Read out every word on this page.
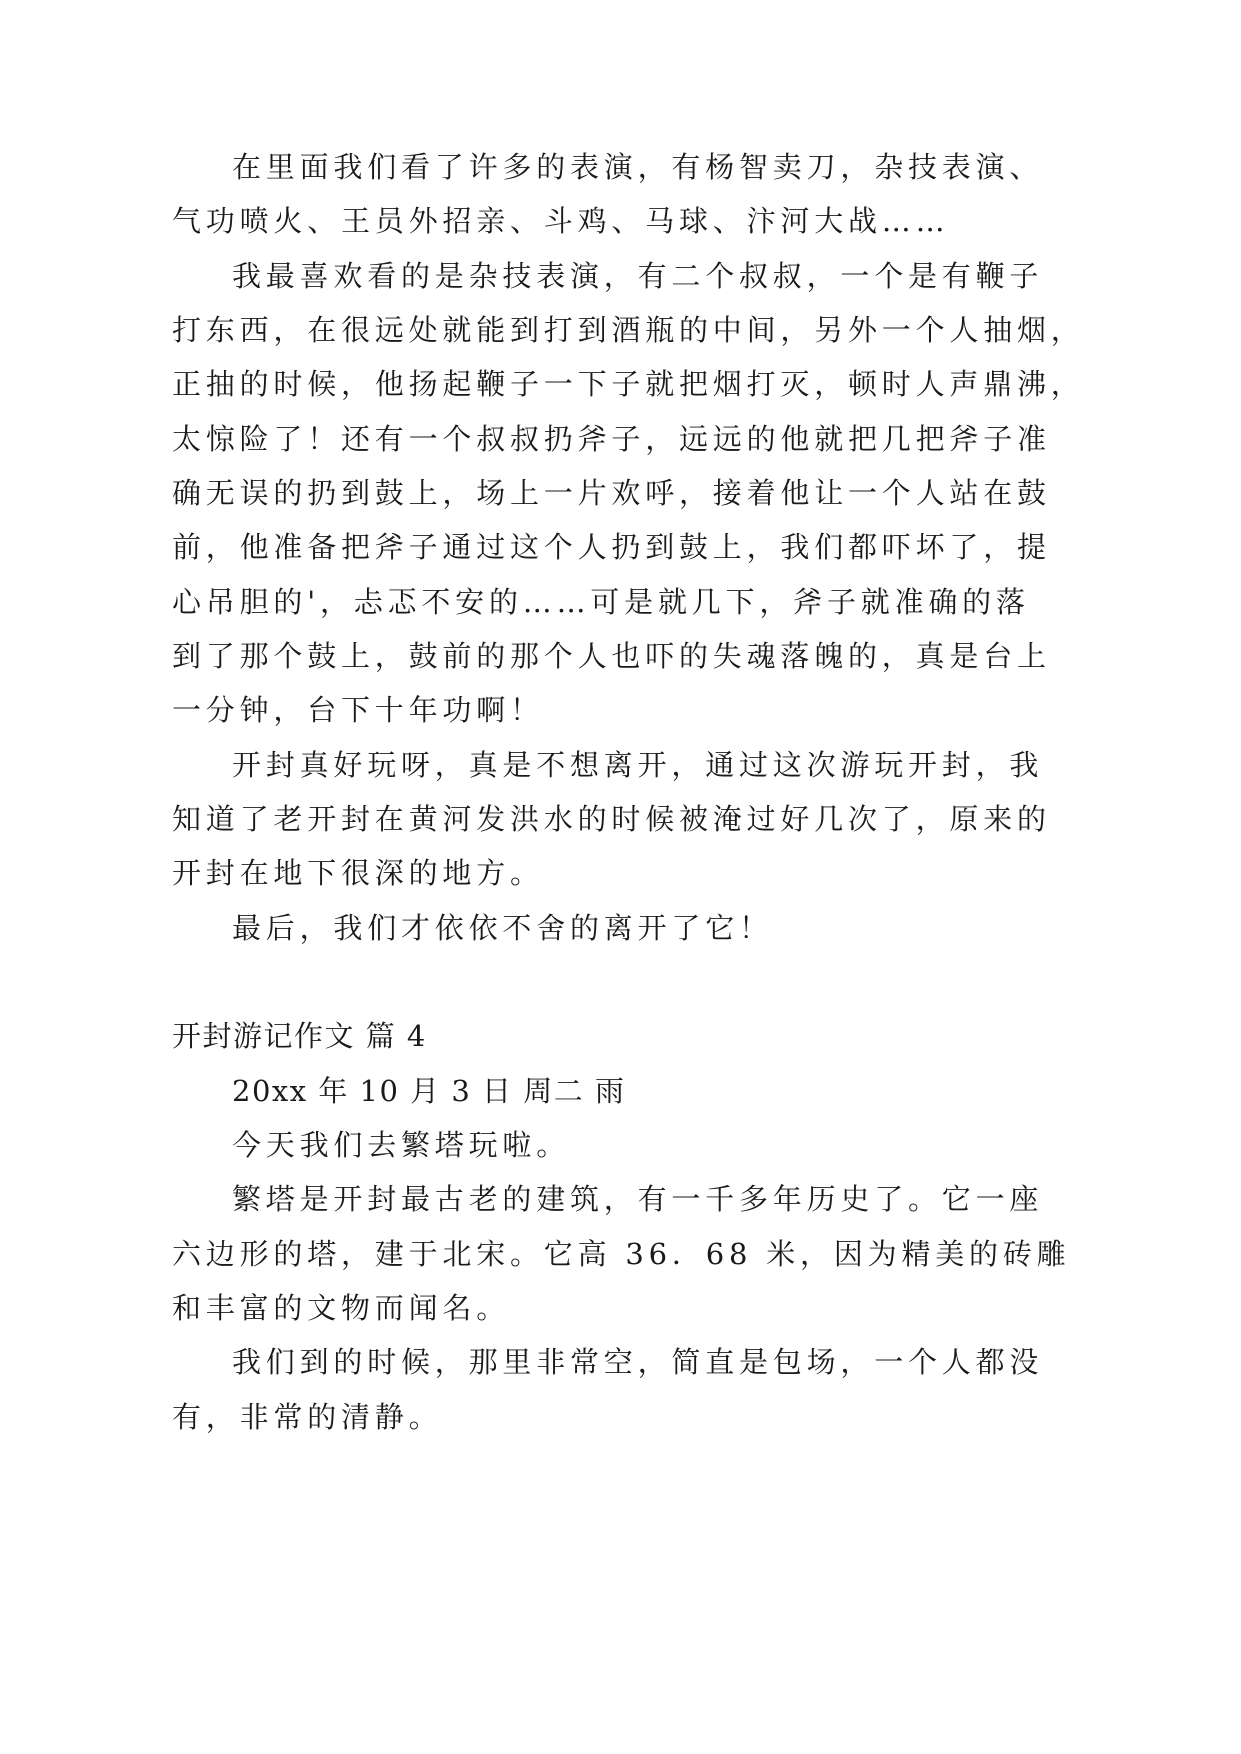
在里面我们看了许多的表演，有杨智卖刀，杂技表演、
气功喷火、王员外招亲、斗鸡、马球、汴河大战……
我最喜欢看的是杂技表演，有二个叔叔，一个是有鞭子
打东西，在很远处就能到打到酒瓶的中间，另外一个人抽烟，
正抽的时候，他扬起鞭子一下子就把烟打灭，顿时人声鼎沸，
太惊险了！还有一个叔叔扔斧子，远远的他就把几把斧子准
确无误的扔到鼓上，场上一片欢呼，接着他让一个人站在鼓
前，他准备把斧子通过这个人扔到鼓上，我们都吓坏了，提
心吊胆的'，忐忑不安的……可是就几下，斧子就准确的落
到了那个鼓上，鼓前的那个人也吓的失魂落魄的，真是台上
一分钟，台下十年功啊！
开封真好玩呀，真是不想离开，通过这次游玩开封，我
知道了老开封在黄河发洪水的时候被淹过好几次了，原来的
开封在地下很深的地方。
最后，我们才依依不舍的离开了它！
开封游记作文 篇 4
20xx 年 10 月 3 日 周二 雨
今天我们去繁塔玩啦。
繁塔是开封最古老的建筑，有一千多年历史了。它一座
六边形的塔，建于北宋。它高 36．68 米，因为精美的砖雕
和丰富的文物而闻名。
我们到的时候，那里非常空，简直是包场，一个人都没
有，非常的清静。
